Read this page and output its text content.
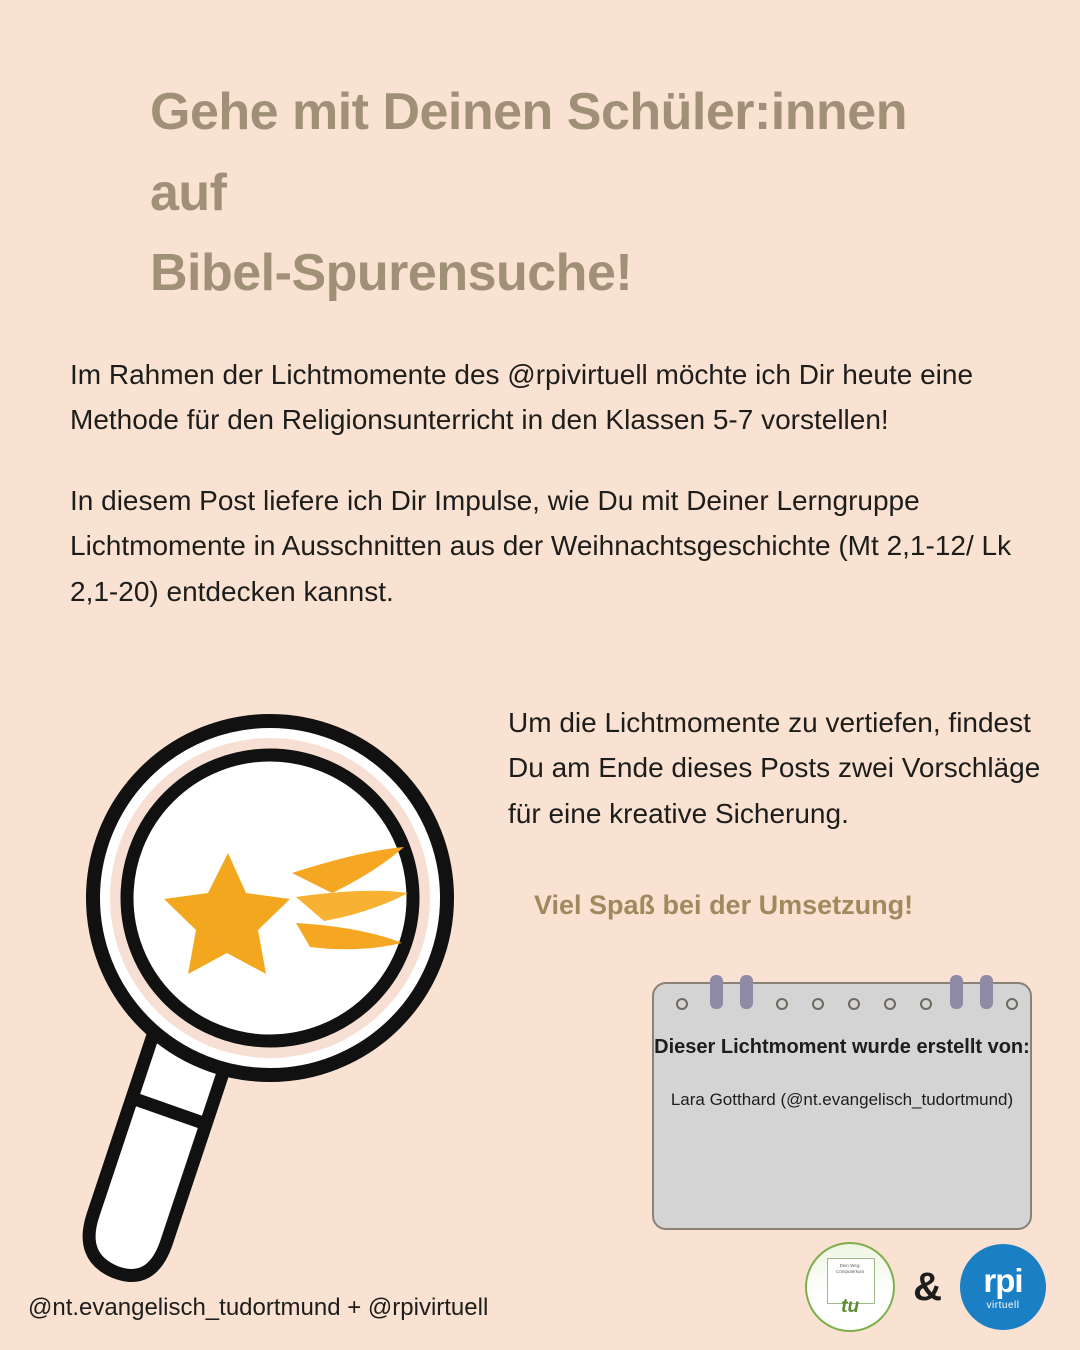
Gehe mit Deinen Schüler:innen auf
Bibel-Spurensuche!
Im Rahmen der Lichtmomente des @rpivirtuell möchte ich Dir heute eine Methode für den Religionsunterricht in den Klassen 5-7 vorstellen!
In diesem Post liefere ich Dir Impulse, wie Du mit Deiner Lerngruppe Lichtmomente in Ausschnitten aus der Weihnachtsgeschichte (Mt 2,1-12/ Lk 2,1-20) entdecken kannst.
Um die Lichtmomente zu vertiefen, findest Du am Ende dieses Posts zwei Vorschläge für eine kreative Sicherung.
Viel Spaß bei der Umsetzung!
Dieser Lichtmoment wurde erstellt von:
Lara Gotthard (@nt.evangelisch_tudortmund)
@nt.evangelisch_tudortmund + @rpivirtuell
Dein Weg: Computerkurs
tu	&	rpi
virtuell
